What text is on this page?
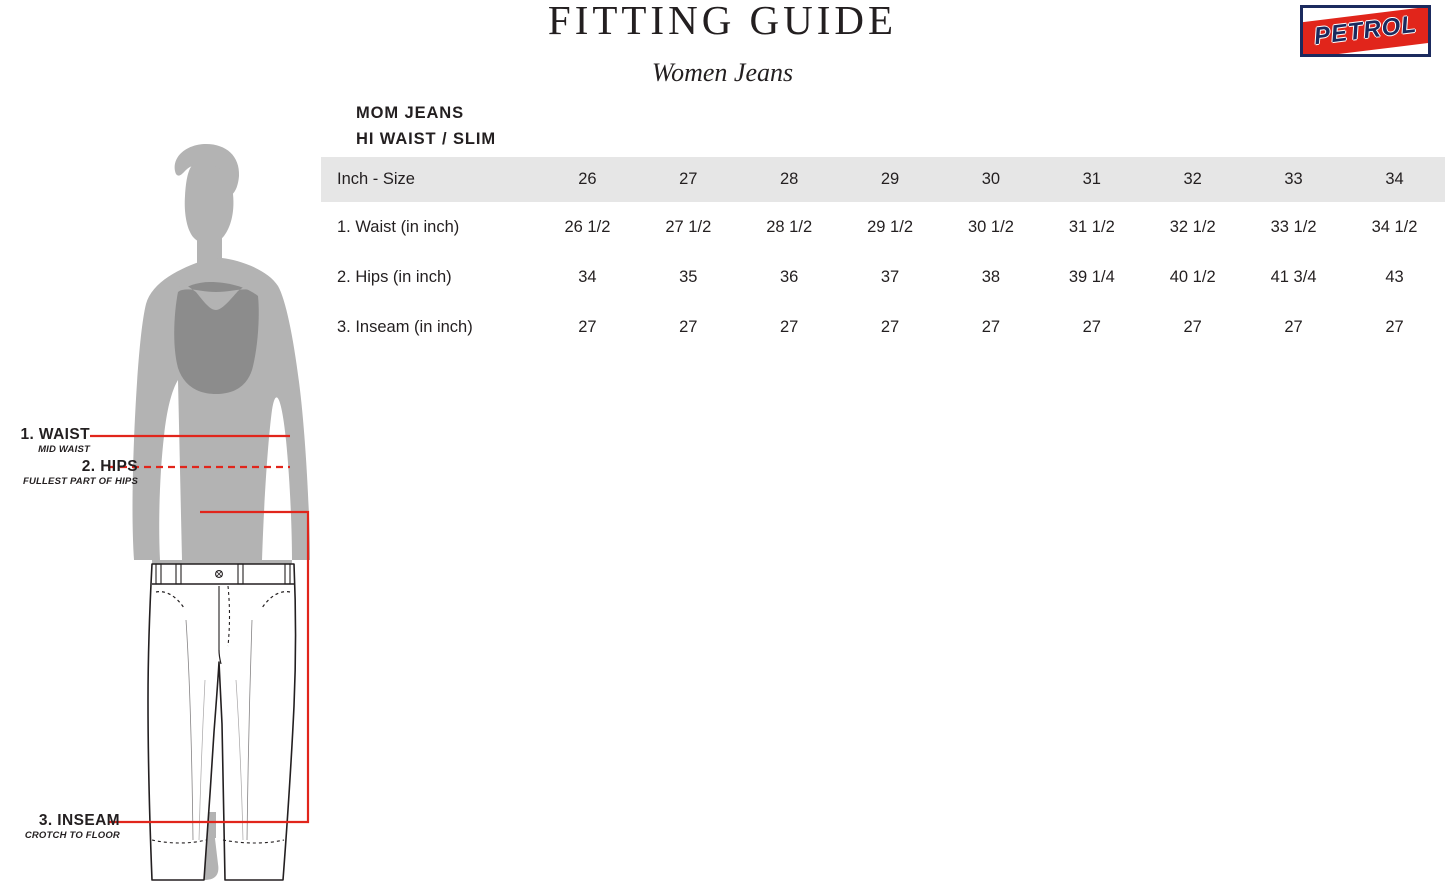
FITTING GUIDE
Women Jeans
PETROL
MOM JEANS
HI WAIST / SLIM
Inch - Size	26	27	28	29	30	31	32	33	34
1. Waist (in inch)	26 1/2	27 1/2	28 1/2	29 1/2	30 1/2	31 1/2	32 1/2	33 1/2	34 1/2
2. Hips (in inch)	34	35	36	37	38	39 1/4	40 1/2	41 3/4	43
3. Inseam (in inch)	27	27	27	27	27	27	27	27	27
1. WAIST
MID WAIST
2. HIPS
FULLEST PART OF HIPS
3. INSEAM
CROTCH TO FLOOR
